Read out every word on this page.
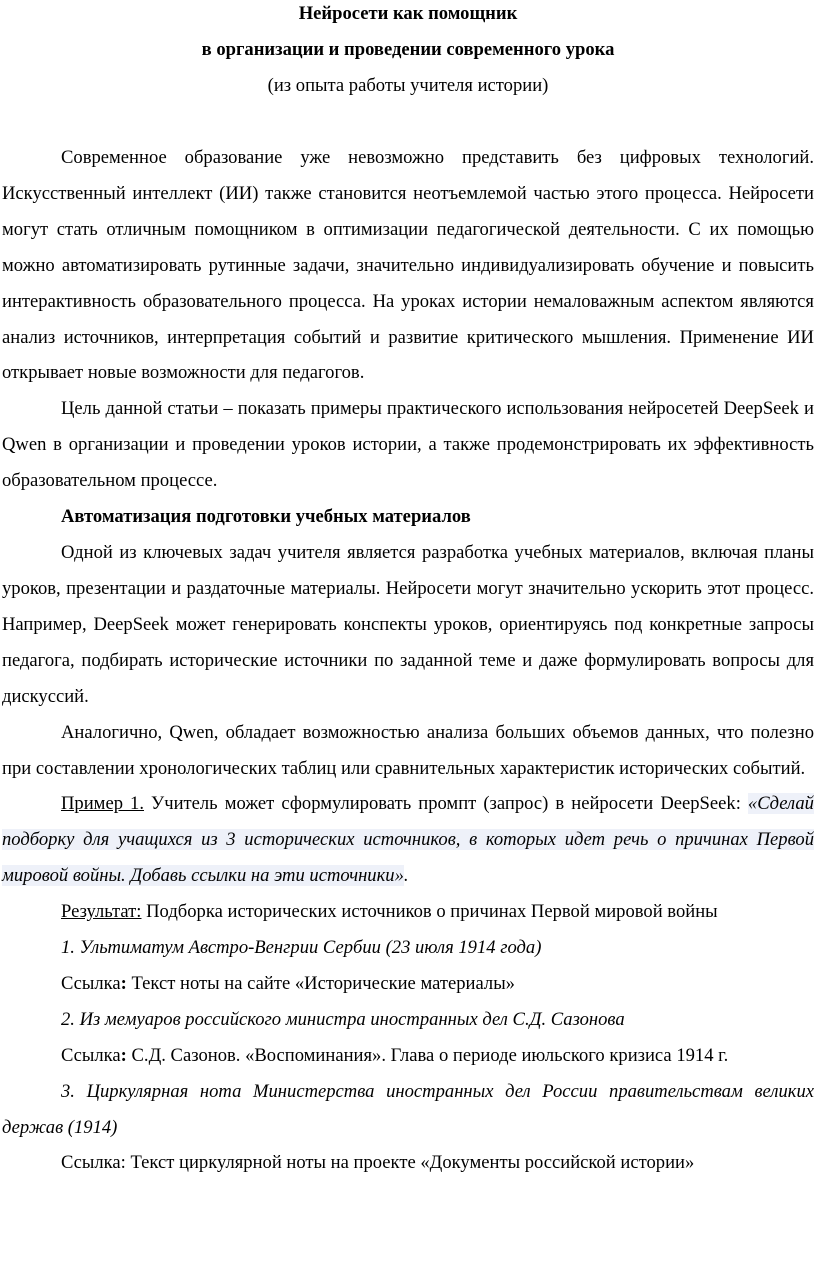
Нейросети как помощник

в организации и проведении современного урока

(из опыта работы учителя истории)

Современное образование уже невозможно представить без цифровых технологий. Искусственный интеллект (ИИ) также становится неотъемлемой частью этого процесса. Нейросети могут стать отличным помощником в оптимизации педагогической деятельности. С их помощью можно автоматизировать рутинные задачи, значительно индивидуализировать обучение и повысить интерактивность образовательного процесса. На уроках истории немаловажным аспектом являются анализ источников, интерпретация событий и развитие критического мышления. Применение ИИ открывает новые возможности для педагогов.

Цель данной статьи – показать примеры практического использования нейросетей DeepSeek и Qwen в организации и проведении уроков истории, а также продемонстрировать их эффективность образовательном процессе.

Автоматизация подготовки учебных материалов

Одной из ключевых задач учителя является разработка учебных материалов, включая планы уроков, презентации и раздаточные материалы. Нейросети могут значительно ускорить этот процесс. Например, DeepSeek может генерировать конспекты уроков, ориентируясь под конкретные запросы педагога, подбирать исторические источники по заданной теме и даже формулировать вопросы для дискуссий.

Аналогично, Qwen, обладает возможностью анализа больших объемов данных, что полезно при составлении хронологических таблиц или сравнительных характеристик исторических событий.

Пример 1. Учитель может сформулировать промпт (запрос) в нейросети DeepSeek: «Сделай подборку для учащихся из 3 исторических источников, в которых идет речь о причинах Первой мировой войны. Добавь ссылки на эти источники».

Результат: Подборка исторических источников о причинах Первой мировой войны

1. Ультиматум Австро-Венгрии Сербии (23 июля 1914 года)

Ссылка: Текст ноты на сайте «Исторические материалы»

2. Из мемуаров российского министра иностранных дел С.Д. Сазонова

Ссылка: С.Д. Сазонов. «Воспоминания». Глава о периоде июльского кризиса 1914 г.

3. Циркулярная нота Министерства иностранных дел России правительствам великих держав (1914)

Ссылка: Текст циркулярной ноты на проекте «Документы российской истории»
